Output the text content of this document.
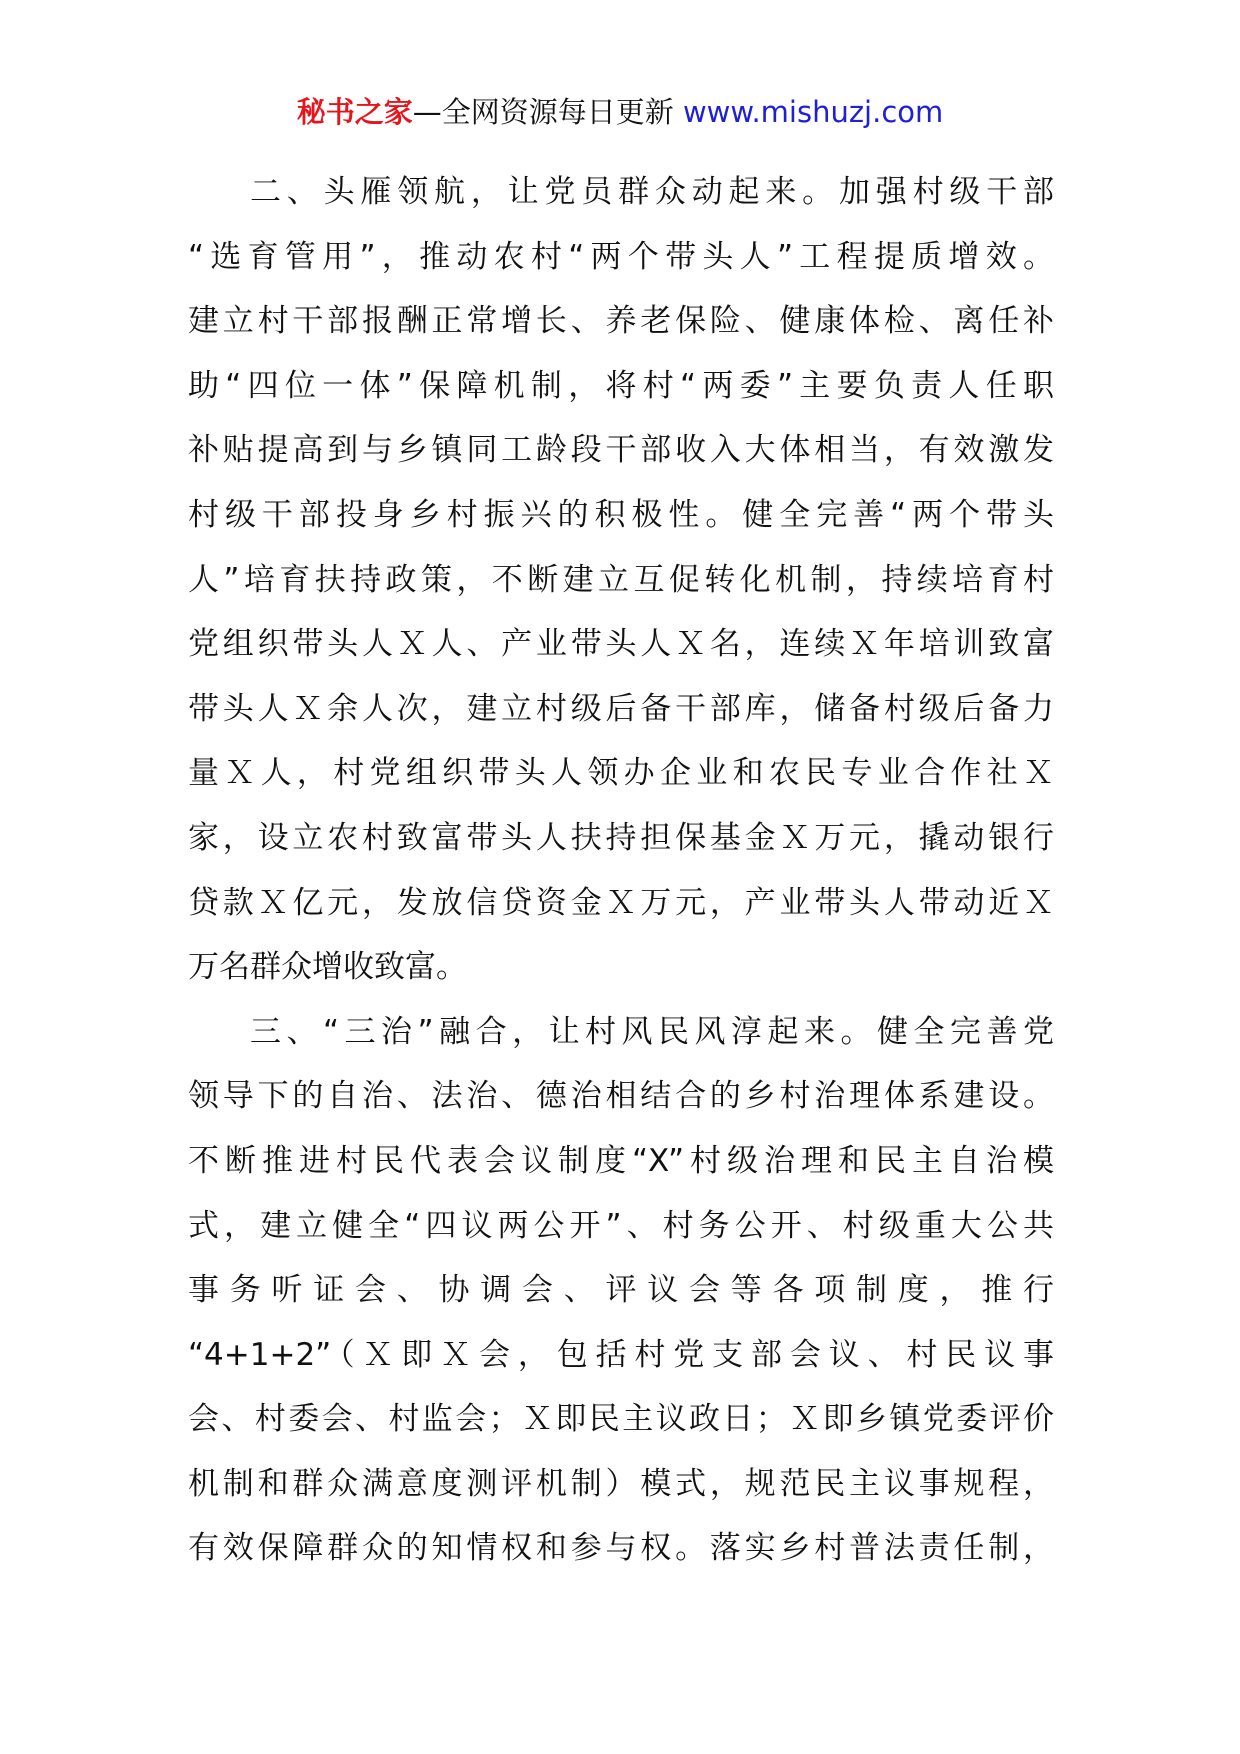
秘书之家—全网资源每日更新 www.mishuzj.com
二、头雁领航，让党员群众动起来。加强村级干部
“选育管用”，推动农村“两个带头人”工程提质增效。
建立村干部报酬正常增长、养老保险、健康体检、离任补
助“四位一体”保障机制，将村“两委”主要负责人任职
补贴提高到与乡镇同工龄段干部收入大体相当，有效激发
村级干部投身乡村振兴的积极性。健全完善“两个带头
人”培育扶持政策，不断建立互促转化机制，持续培育村
党组织带头人Ｘ人、产业带头人Ｘ名，连续Ｘ年培训致富
带头人Ｘ余人次，建立村级后备干部库，储备村级后备力
量Ｘ人，村党组织带头人领办企业和农民专业合作社Ｘ
家，设立农村致富带头人扶持担保基金Ｘ万元，撬动银行
贷款Ｘ亿元，发放信贷资金Ｘ万元，产业带头人带动近Ｘ
万名群众增收致富。
三、“三治”融合，让村风民风淳起来。健全完善党
领导下的自治、法治、德治相结合的乡村治理体系建设。
不断推进村民代表会议制度“X”村级治理和民主自治模
式，建立健全“四议两公开”、村务公开、村级重大公共
事务听证会、协调会、评议会等各项制度，推行
“4+1+2”（Ｘ即Ｘ会，包括村党支部会议、村民议事
会、村委会、村监会；Ｘ即民主议政日；Ｘ即乡镇党委评价
机制和群众满意度测评机制）模式，规范民主议事规程，
有效保障群众的知情权和参与权。落实乡村普法责任制，
